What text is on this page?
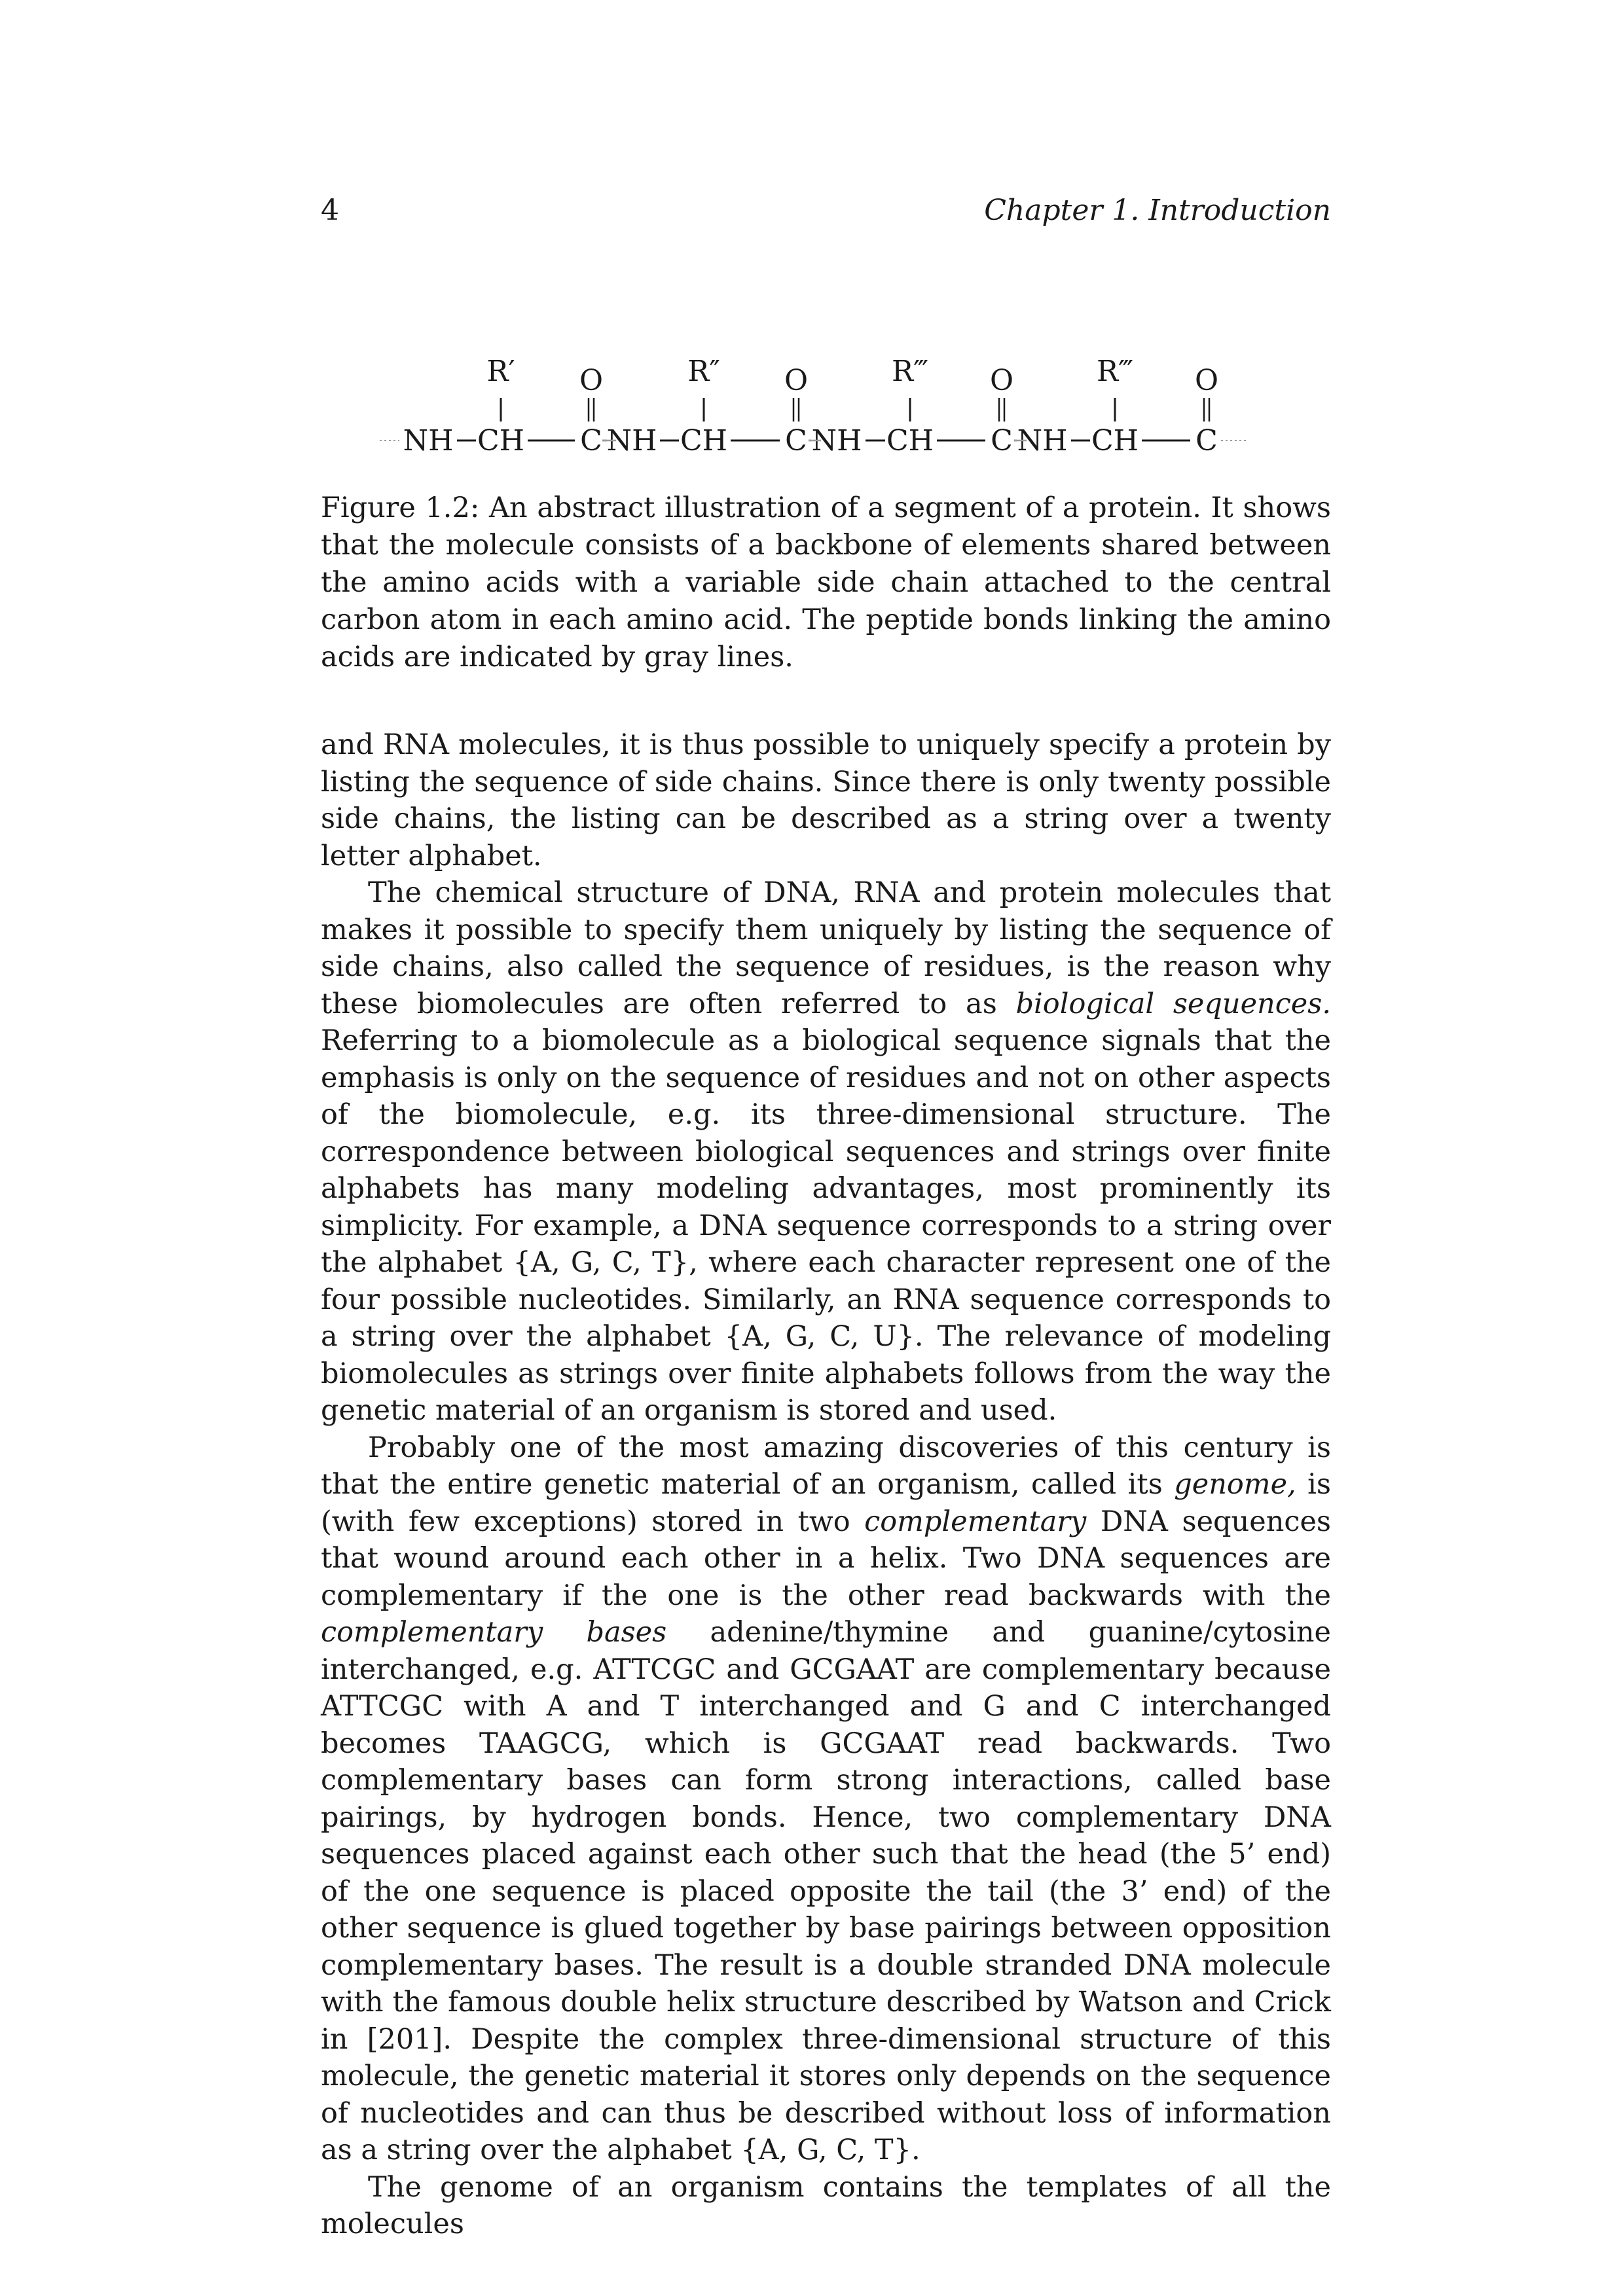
4	Chapter 1. Introduction
R′	R″	R‴	R‴
O	O	O	O
NH CH C NH CH C NH CH C NH CH C
Figure 1.2: An abstract illustration of a segment of a protein. It shows that the molecule consists of a backbone of elements shared between the amino acids with a variable side chain attached to the central carbon atom in each amino acid. The peptide bonds linking the amino acids are indicated by gray lines.

and RNA molecules, it is thus possible to uniquely specify a protein by listing the sequence of side chains. Since there is only twenty possible side chains, the listing can be described as a string over a twenty letter alphabet.

The chemical structure of DNA, RNA and protein molecules that makes it possible to specify them uniquely by listing the sequence of side chains, also called the sequence of residues, is the reason why these biomolecules are often referred to as biological sequences. Referring to a biomolecule as a biological sequence signals that the emphasis is only on the sequence of residues and not on other aspects of the biomolecule, e.g. its three-dimensional structure. The correspondence between biological sequences and strings over finite alphabets has many modeling advantages, most prominently its simplicity. For example, a DNA sequence corresponds to a string over the alphabet {A, G, C, T}, where each character represent one of the four possible nucleotides. Similarly, an RNA sequence corresponds to a string over the alphabet {A, G, C, U}. The relevance of modeling biomolecules as strings over finite alphabets follows from the way the genetic material of an organism is stored and used.

Probably one of the most amazing discoveries of this century is that the entire genetic material of an organism, called its genome, is (with few exceptions) stored in two complementary DNA sequences that wound around each other in a helix. Two DNA sequences are complementary if the one is the other read backwards with the complementary bases adenine/thymine and guanine/cytosine interchanged, e.g. ATTCGC and GCGAAT are complementary because ATTCGC with A and T interchanged and G and C interchanged becomes TAAGCG, which is GCGAAT read backwards. Two complementary bases can form strong interactions, called base pairings, by hydrogen bonds. Hence, two complementary DNA sequences placed against each other such that the head (the 5’ end) of the one sequence is placed opposite the tail (the 3’ end) of the other sequence is glued together by base pairings between opposition complementary bases. The result is a double stranded DNA molecule with the famous double helix structure described by Watson and Crick in [201]. Despite the complex three-dimensional structure of this molecule, the genetic material it stores only depends on the sequence of nucleotides and can thus be described without loss of information as a string over the alphabet {A, G, C, T}.

The genome of an organism contains the templates of all the molecules
